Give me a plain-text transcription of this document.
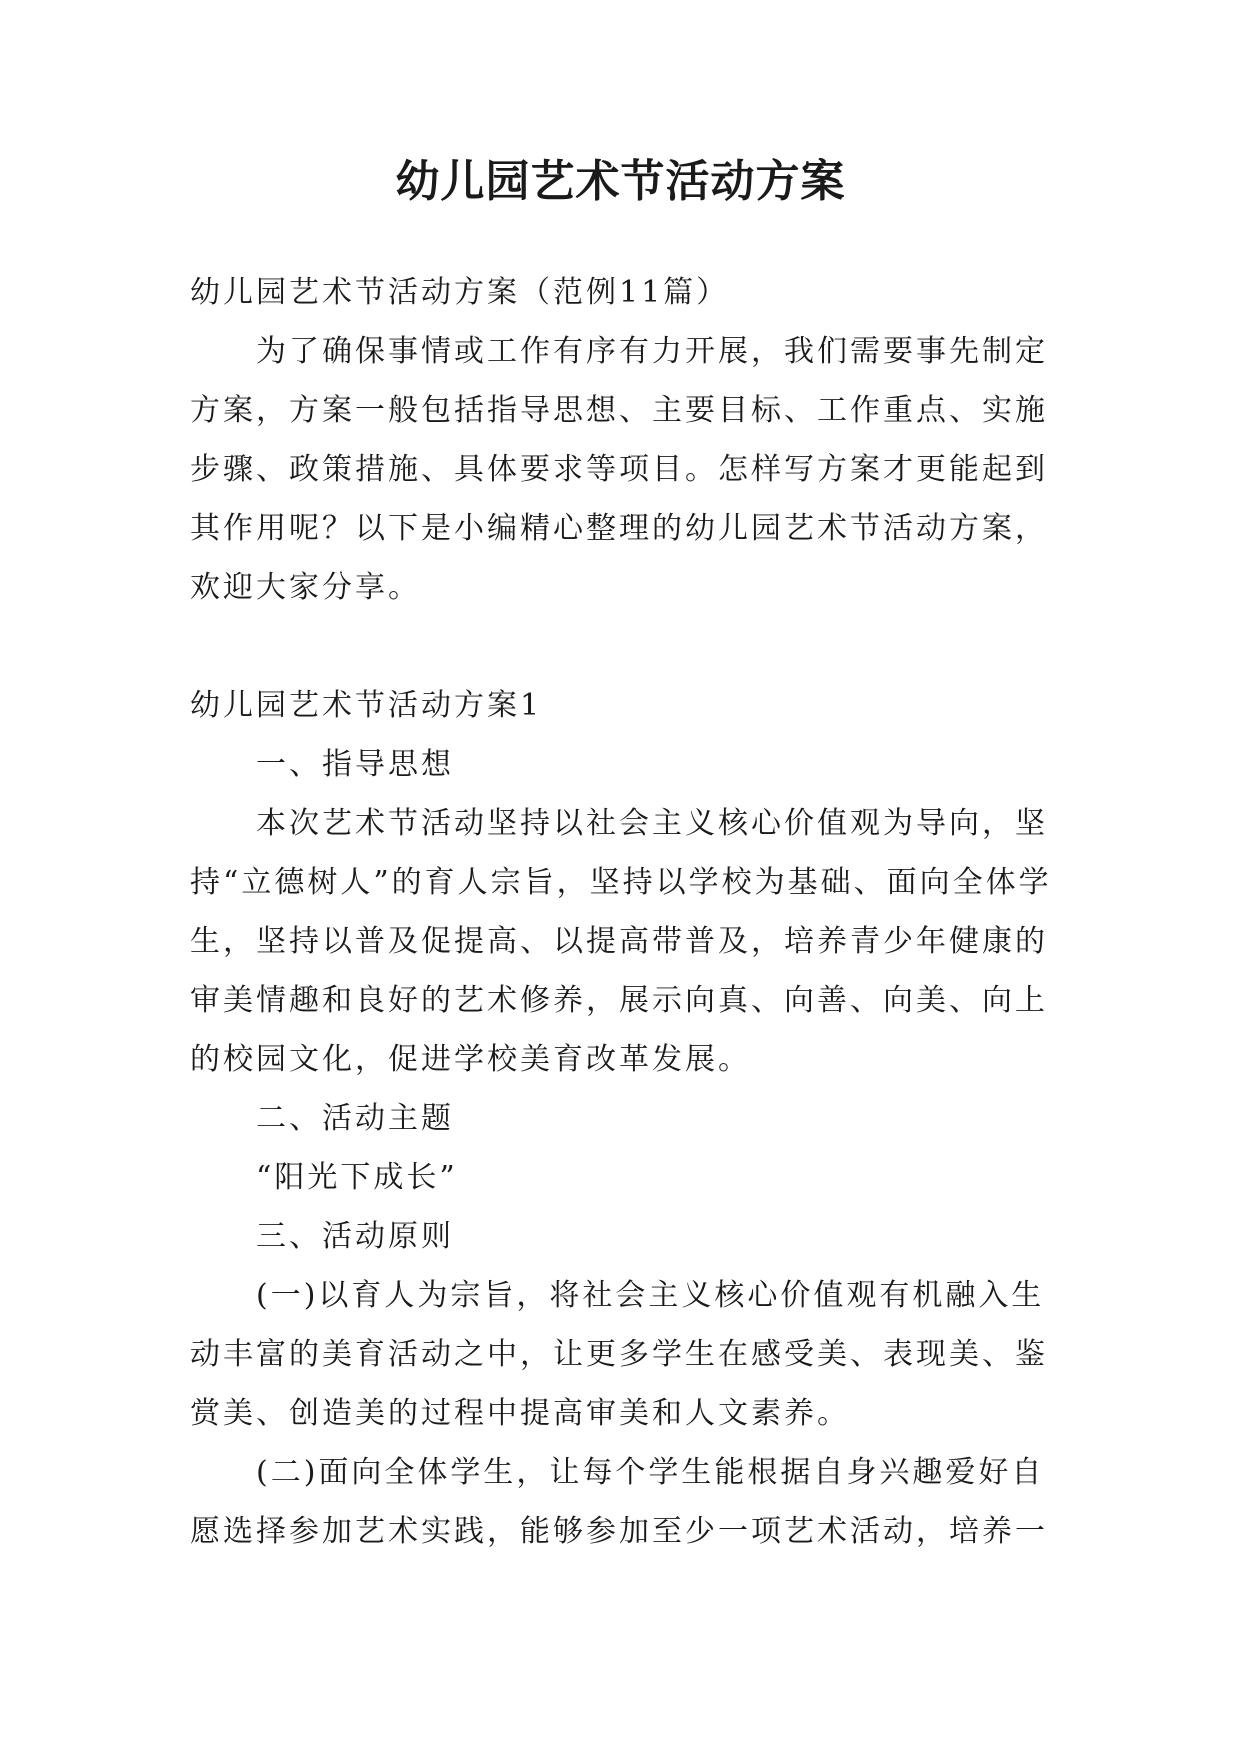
幼儿园艺术节活动方案

幼儿园艺术节活动方案（范例11篇）

为了确保事情或工作有序有力开展，我们需要事先制定方案，方案一般包括指导思想、主要目标、工作重点、实施步骤、政策措施、具体要求等项目。怎样写方案才更能起到其作用呢？以下是小编精心整理的幼儿园艺术节活动方案，欢迎大家分享。

幼儿园艺术节活动方案1

一、指导思想

本次艺术节活动坚持以社会主义核心价值观为导向，坚持“立德树人”的育人宗旨，坚持以学校为基础、面向全体学生，坚持以普及促提高、以提高带普及，培养青少年健康的审美情趣和良好的艺术修养，展示向真、向善、向美、向上的校园文化，促进学校美育改革发展。

二、活动主题

“阳光下成长”

三、活动原则

(一)以育人为宗旨，将社会主义核心价值观有机融入生动丰富的美育活动之中，让更多学生在感受美、表现美、鉴赏美、创造美的过程中提高审美和人文素养。

(二)面向全体学生，让每个学生能根据自身兴趣爱好自愿选择参加艺术实践，能够参加至少一项艺术活动，培养一
